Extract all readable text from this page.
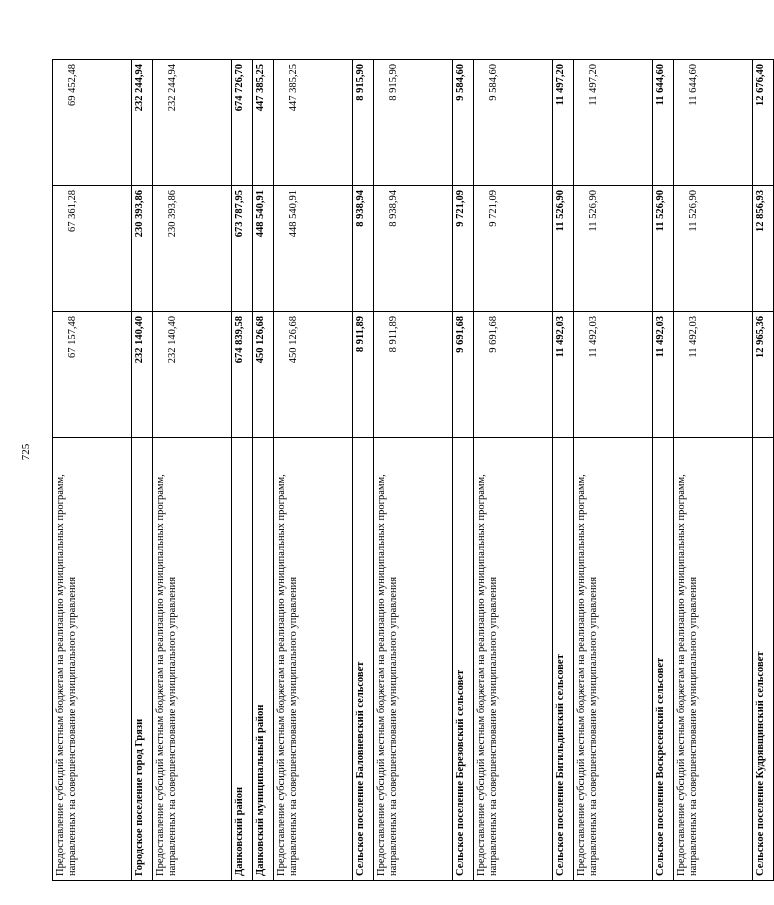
725
Предоставление субсидий местным бюджетам на реализацию муниципальных программ, направленных на совершенствование муниципального управления	67 157,48	67 361,28	69 452,48
Городское поселение город Грязи	232 140,40	230 393,86	232 244,94
Предоставление субсидий местным бюджетам на реализацию муниципальных программ, направленных на совершенствование муниципального управления	232 140,40	230 393,86	232 244,94
Данковский район	674 839,58	673 787,95	674 726,70
Данковский муниципальный район	450 126,68	448 540,91	447 385,25
Предоставление субсидий местным бюджетам на реализацию муниципальных программ, направленных на совершенствование муниципального управления	450 126,68	448 540,91	447 385,25
Сельское поселение Баловневский сельсовет	8 911,89	8 938,94	8 915,90
Предоставление субсидий местным бюджетам на реализацию муниципальных программ, направленных на совершенствование муниципального управления	8 911,89	8 938,94	8 915,90
Сельское поселение Березовский сельсовет	9 691,68	9 721,09	9 584,60
Предоставление субсидий местным бюджетам на реализацию муниципальных программ, направленных на совершенствование муниципального управления	9 691,68	9 721,09	9 584,60
Сельское поселение Бигильдинский сельсовет	11 492,03	11 526,90	11 497,20
Предоставление субсидий местным бюджетам на реализацию муниципальных программ, направленных на совершенствование муниципального управления	11 492,03	11 526,90	11 497,20
Сельское поселение Воскресенский сельсовет	11 492,03	11 526,90	11 644,60
Предоставление субсидий местным бюджетам на реализацию муниципальных программ, направленных на совершенствование муниципального управления	11 492,03	11 526,90	11 644,60
Сельское поселение Кудрявщинский сельсовет	12 965,36	12 856,93	12 676,40
